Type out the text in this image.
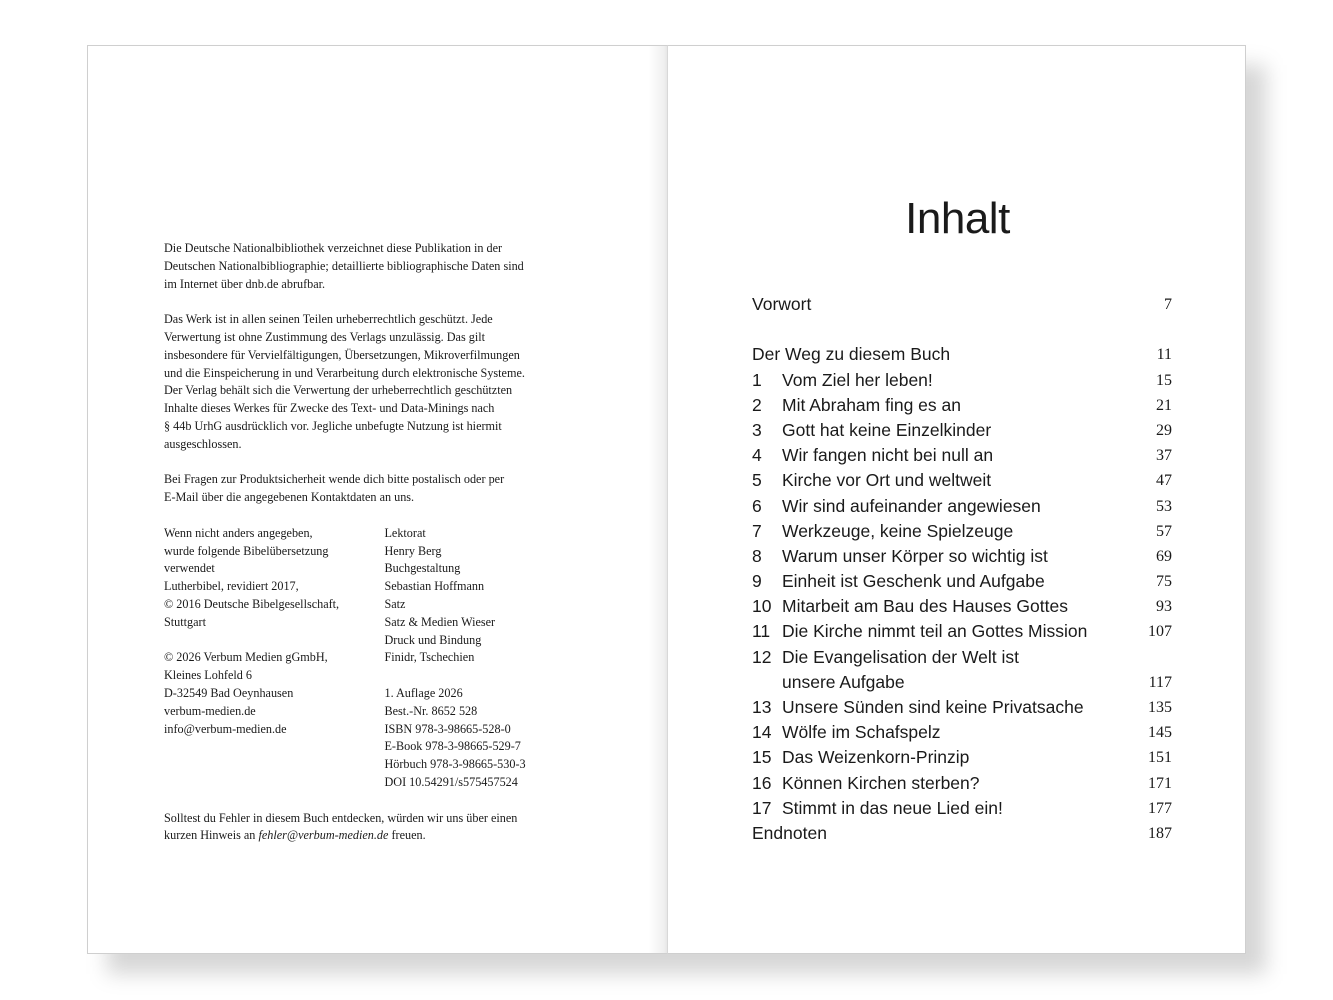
Die Deutsche Nationalbibliothek verzeichnet diese Publikation in der
Deutschen Nationalbibliographie; detaillierte bibliographische Daten sind
im Internet über dnb.de abrufbar.

Das Werk ist in allen seinen Teilen urheberrechtlich geschützt. Jede
Verwertung ist ohne Zustimmung des Verlags unzulässig. Das gilt
insbesondere für Vervielfältigungen, Übersetzungen, Mikroverfilmungen
und die Einspeicherung in und Verarbeitung durch elektronische Systeme.
Der Verlag behält sich die Verwertung der urheberrechtlich geschützten
Inhalte dieses Werkes für Zwecke des Text- und Data-Minings nach
§ 44b UrhG ausdrücklich vor. Jegliche unbefugte Nutzung ist hiermit
ausgeschlossen.

Bei Fragen zur Produktsicherheit wende dich bitte postalisch oder per
E-Mail über die angegebenen Kontaktdaten an uns.

Wenn nicht anders angegeben,
wurde folgende Bibelübersetzung
verwendet
Lutherbibel, revidiert 2017,
© 2016 Deutsche Bibelgesellschaft,
Stuttgart

© 2026 Verbum Medien gGmbH,
Kleines Lohfeld 6
D-32549 Bad Oeynhausen
verbum-medien.de
info@verbum-medien.de

Lektorat
Henry Berg
Buchgestaltung
Sebastian Hoffmann
Satz
Satz & Medien Wieser
Druck und Bindung
Finidr, Tschechien

1. Auflage 2026
Best.-Nr. 8652 528
ISBN 978-3-98665-528-0
E-Book 978-3-98665-529-7
Hörbuch 978-3-98665-530-3
DOI 10.54291/s575457524

Solltest du Fehler in diesem Buch entdecken, würden wir uns über einen
kurzen Hinweis an fehler@verbum-medien.de freuen.

Inhalt
Vorwort	7
Der Weg zu diesem Buch	11
1	Vom Ziel her leben!	15
2	Mit Abraham fing es an	21
3	Gott hat keine Einzelkinder	29
4	Wir fangen nicht bei null an	37
5	Kirche vor Ort und weltweit	47
6	Wir sind aufeinander angewiesen	53
7	Werkzeuge, keine Spielzeuge	57
8	Warum unser Körper so wichtig ist	69
9	Einheit ist Geschenk und Aufgabe	75
10 Mitarbeit am Bau des Hauses Gottes	93
11 Die Kirche nimmt teil an Gottes Mission	107
12 Die Evangelisation der Welt ist
unsere Aufgabe	117
13 Unsere Sünden sind keine Privatsache	135
14 Wölfe im Schafspelz	145
15 Das Weizenkorn-Prinzip	151
16 Können Kirchen sterben?	171
17 Stimmt in das neue Lied ein!	177
Endnoten	187
